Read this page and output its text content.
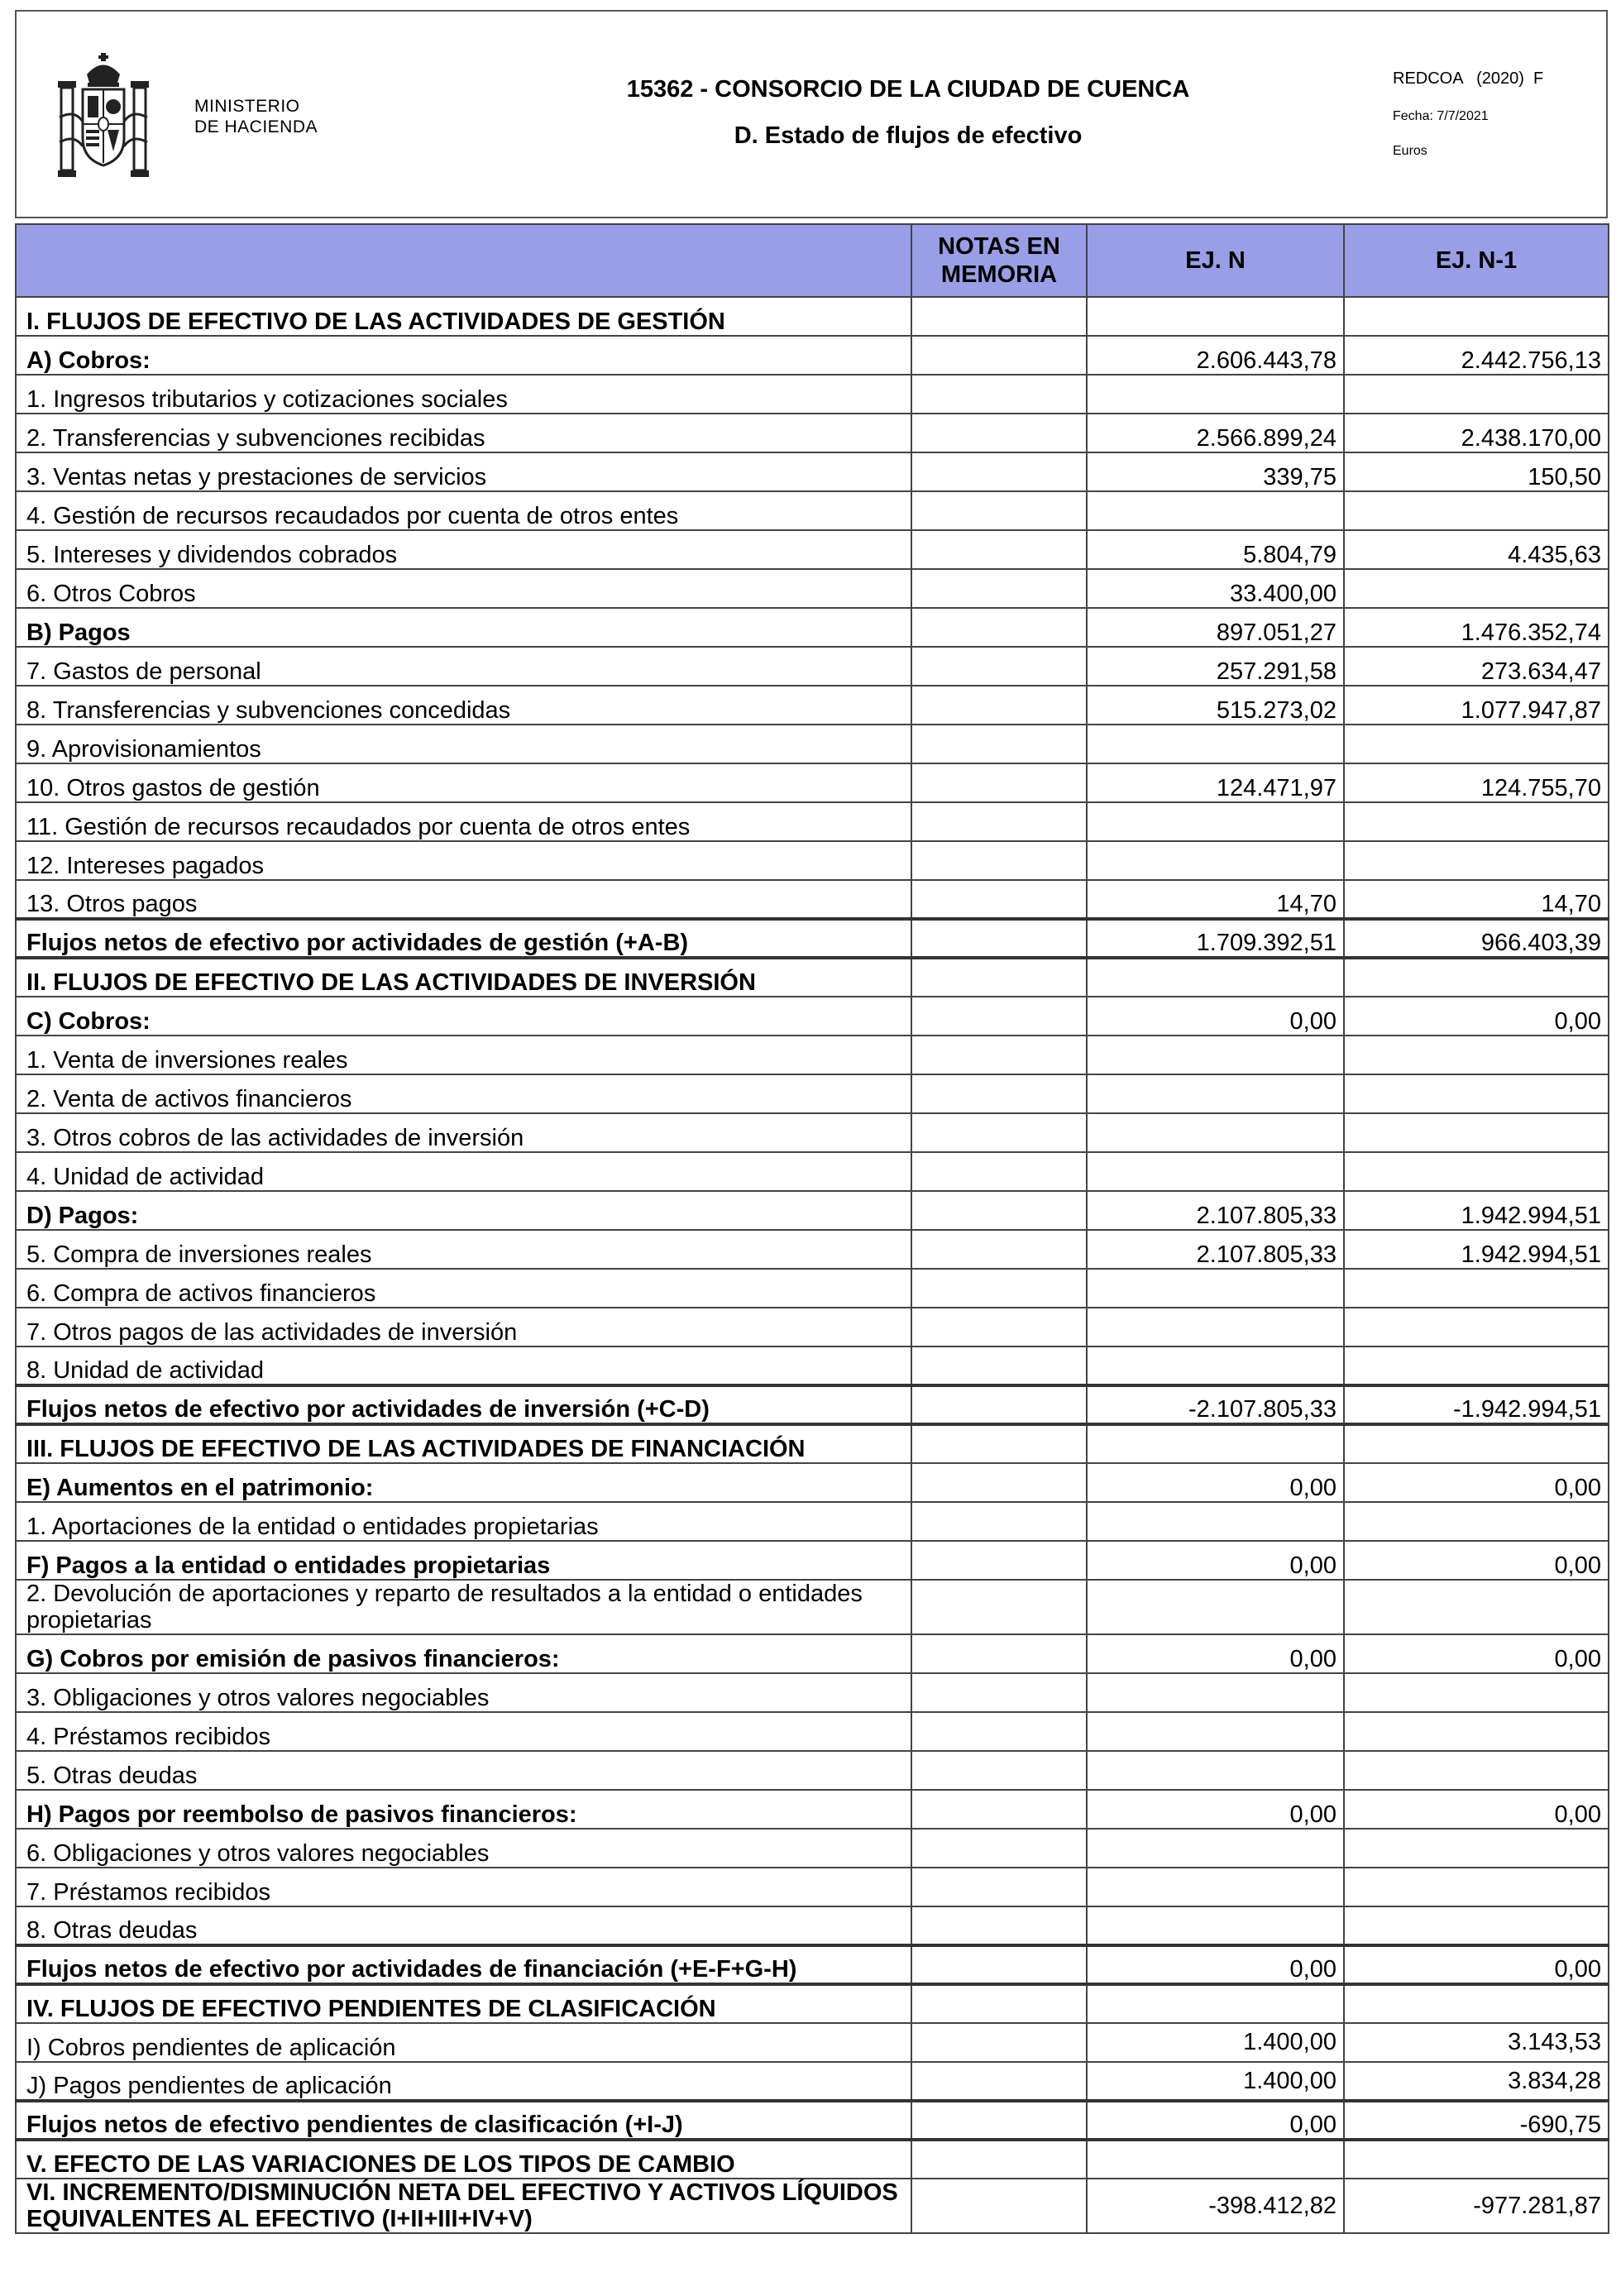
MINISTERIO
DE HACIENDA
15362 - CONSORCIO DE LA CIUDAD DE CUENCA
D. Estado de flujos de efectivo
REDCOA   (2020)  F
Fecha: 7/7/2021
Euros
	NOTAS EN
MEMORIA	EJ. N	EJ. N-1
I. FLUJOS DE EFECTIVO DE LAS ACTIVIDADES DE GESTIÓN			
A) Cobros:		2.606.443,78	2.442.756,13
1. Ingresos tributarios y cotizaciones sociales			
2. Transferencias y subvenciones recibidas		2.566.899,24	2.438.170,00
3. Ventas netas y prestaciones de servicios		339,75	150,50
4. Gestión de recursos recaudados por cuenta de otros entes			
5. Intereses y dividendos cobrados		5.804,79	4.435,63
6. Otros Cobros		33.400,00	
B) Pagos		897.051,27	1.476.352,74
7. Gastos de personal		257.291,58	273.634,47
8. Transferencias y subvenciones concedidas		515.273,02	1.077.947,87
9. Aprovisionamientos			
10. Otros gastos de gestión		124.471,97	124.755,70
11. Gestión de recursos recaudados por cuenta de otros entes			
12. Intereses pagados			
13. Otros pagos		14,70	14,70
Flujos netos de efectivo por actividades de gestión (+A-B)		1.709.392,51	966.403,39
II. FLUJOS DE EFECTIVO DE LAS ACTIVIDADES DE INVERSIÓN			
C) Cobros:		0,00	0,00
1. Venta de inversiones reales			
2. Venta de activos financieros			
3. Otros cobros de las actividades de inversión			
4. Unidad de actividad			
D) Pagos:		2.107.805,33	1.942.994,51
5. Compra de inversiones reales		2.107.805,33	1.942.994,51
6. Compra de activos financieros			
7. Otros pagos de las actividades de inversión			
8. Unidad de actividad			
Flujos netos de efectivo por actividades de inversión (+C-D)		-2.107.805,33	-1.942.994,51
III. FLUJOS DE EFECTIVO DE LAS ACTIVIDADES DE FINANCIACIÓN			
E) Aumentos en el patrimonio:		0,00	0,00
1. Aportaciones de la entidad o entidades propietarias			
F) Pagos a la entidad o entidades propietarias		0,00	0,00
2. Devolución de aportaciones y reparto de resultados a la entidad o entidades propietarias			
G) Cobros por emisión de pasivos financieros:		0,00	0,00
3. Obligaciones y otros valores negociables			
4. Préstamos recibidos			
5. Otras deudas			
H) Pagos por reembolso de pasivos financieros:		0,00	0,00
6. Obligaciones y otros valores negociables			
7. Préstamos recibidos			
8. Otras deudas			
Flujos netos de efectivo por actividades de financiación (+E-F+G-H)		0,00	0,00
IV. FLUJOS DE EFECTIVO PENDIENTES DE CLASIFICACIÓN			
I) Cobros pendientes de aplicación		1.400,00	3.143,53
J) Pagos pendientes de aplicación		1.400,00	3.834,28
Flujos netos de efectivo pendientes de clasificación (+I-J)		0,00	-690,75
V. EFECTO DE LAS VARIACIONES DE LOS TIPOS DE CAMBIO			
VI. INCREMENTO/DISMINUCIÓN NETA DEL EFECTIVO Y ACTIVOS LÍQUIDOS EQUIVALENTES AL EFECTIVO (I+II+III+IV+V)		-398.412,82	-977.281,87
